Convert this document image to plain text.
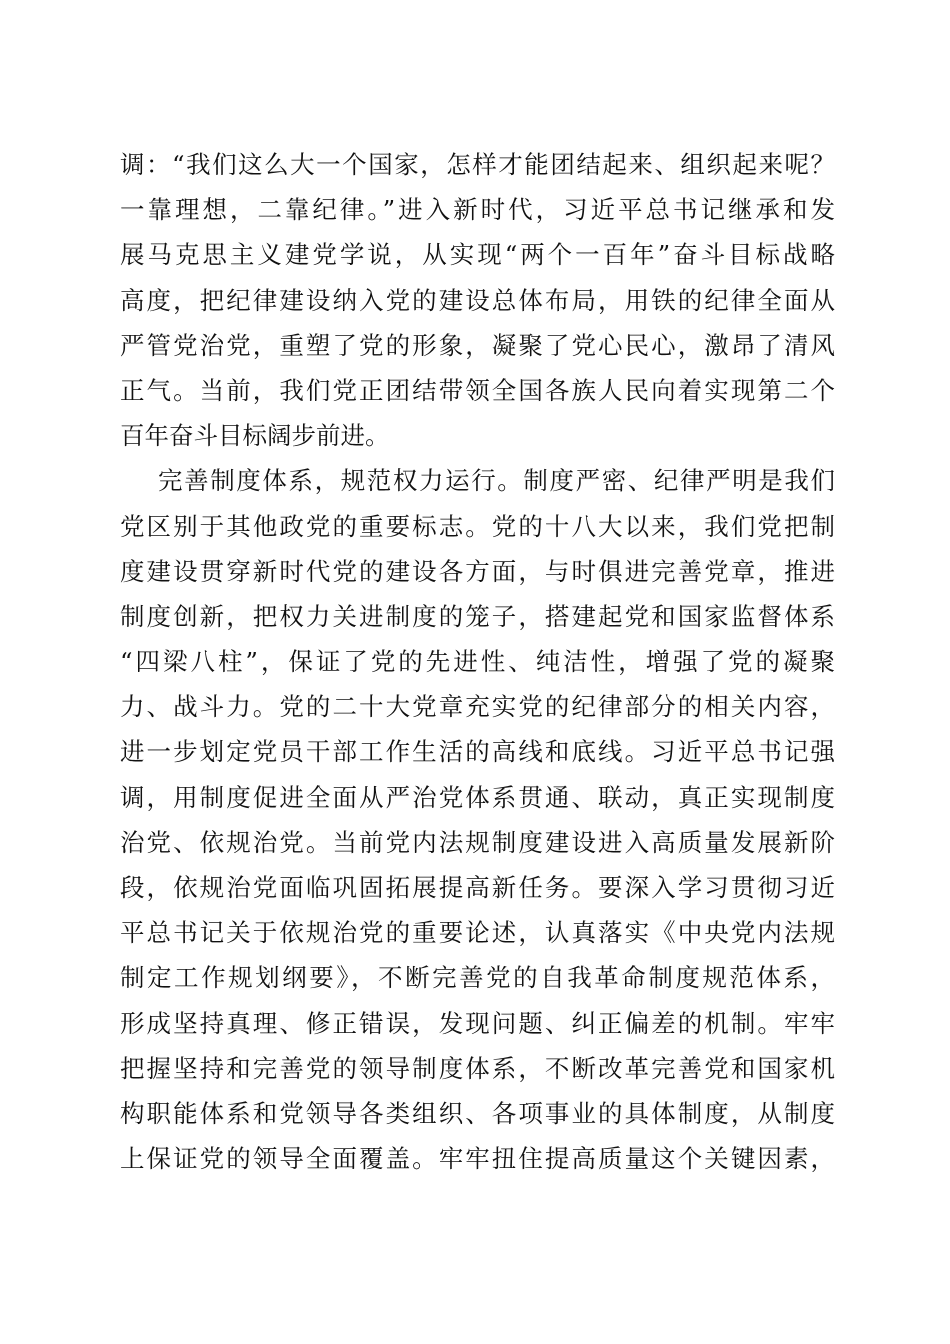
调：“我们这么大一个国家，怎样才能团结起来、组织起来呢？
一靠理想，二靠纪律。”进入新时代，习近平总书记继承和发
展马克思主义建党学说，从实现“两个一百年”奋斗目标战略
高度，把纪律建设纳入党的建设总体布局，用铁的纪律全面从
严管党治党，重塑了党的形象，凝聚了党心民心，激昂了清风
正气。当前，我们党正团结带领全国各族人民向着实现第二个
百年奋斗目标阔步前进。
完善制度体系，规范权力运行。制度严密、纪律严明是我们
党区别于其他政党的重要标志。党的十八大以来，我们党把制
度建设贯穿新时代党的建设各方面，与时俱进完善党章，推进
制度创新，把权力关进制度的笼子，搭建起党和国家监督体系
“四梁八柱”，保证了党的先进性、纯洁性，增强了党的凝聚
力、战斗力。党的二十大党章充实党的纪律部分的相关内容，
进一步划定党员干部工作生活的高线和底线。习近平总书记强
调，用制度促进全面从严治党体系贯通、联动，真正实现制度
治党、依规治党。当前党内法规制度建设进入高质量发展新阶
段，依规治党面临巩固拓展提高新任务。要深入学习贯彻习近
平总书记关于依规治党的重要论述，认真落实《中央党内法规
制定工作规划纲要》，不断完善党的自我革命制度规范体系，
形成坚持真理、修正错误，发现问题、纠正偏差的机制。牢牢
把握坚持和完善党的领导制度体系，不断改革完善党和国家机
构职能体系和党领导各类组织、各项事业的具体制度，从制度
上保证党的领导全面覆盖。牢牢扭住提高质量这个关键因素，
